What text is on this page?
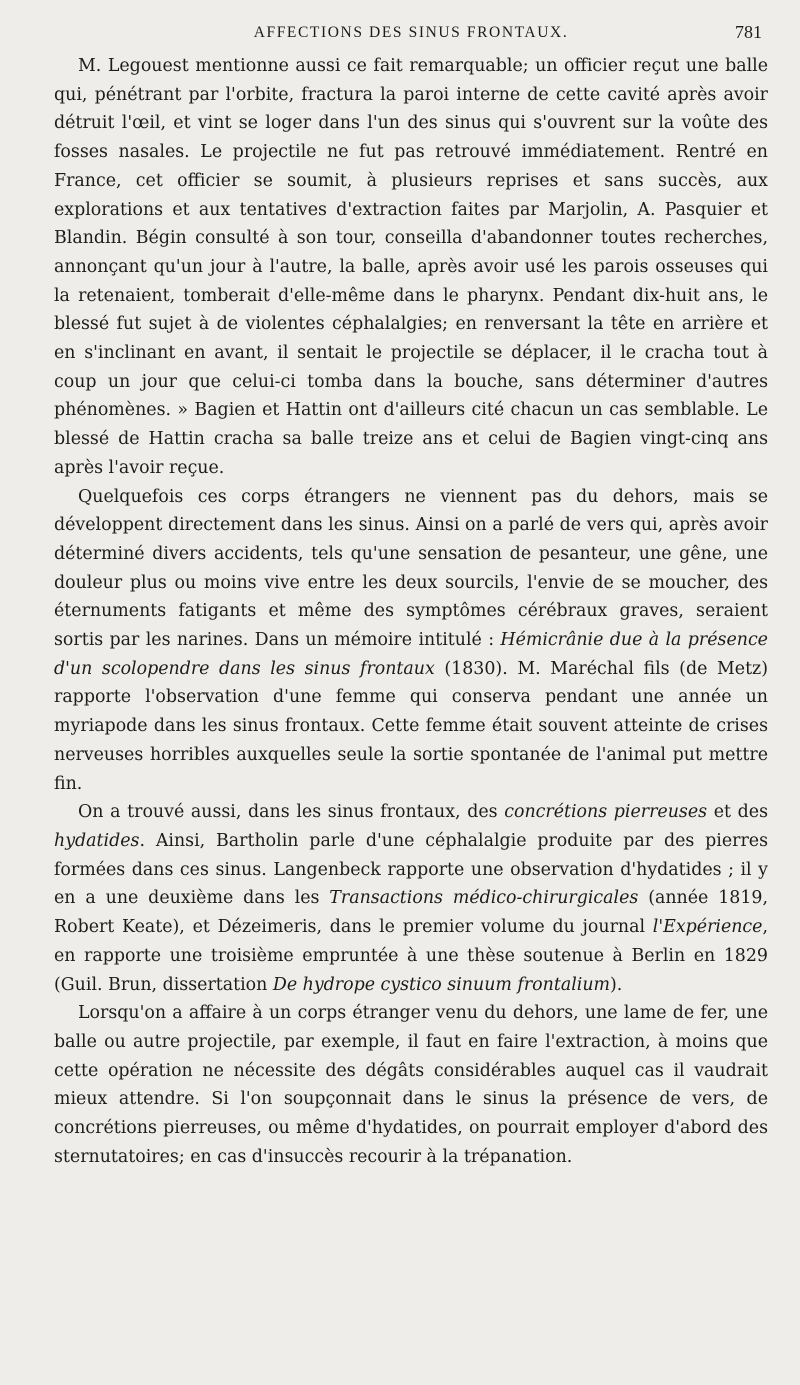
AFFECTIONS DES SINUS FRONTAUX.	781

M. Legouest mentionne aussi ce fait remarquable; un officier reçut une balle qui, pénétrant par l'orbite, fractura la paroi interne de cette cavité après avoir détruit l'œil, et vint se loger dans l'un des sinus qui s'ouvrent sur la voûte des fosses nasales. Le projectile ne fut pas retrouvé immédiatement. Rentré en France, cet officier se soumit, à plusieurs reprises et sans succès, aux explorations et aux tentatives d'extraction faites par Marjolin, A. Pasquier et Blandin. Bégin consulté à son tour, conseilla d'abandonner toutes recherches, annonçant qu'un jour à l'autre, la balle, après avoir usé les parois osseuses qui la retenaient, tomberait d'elle-même dans le pharynx. Pendant dix-huit ans, le blessé fut sujet à de violentes céphalalgies; en renversant la tête en arrière et en s'inclinant en avant, il sentait le projectile se déplacer, il le cracha tout à coup un jour que celui-ci tomba dans la bouche, sans déterminer d'autres phénomènes. » Bagien et Hattin ont d'ailleurs cité chacun un cas semblable. Le blessé de Hattin cracha sa balle treize ans et celui de Bagien vingt-cinq ans après l'avoir reçue.

Quelquefois ces corps étrangers ne viennent pas du dehors, mais se développent directement dans les sinus. Ainsi on a parlé de vers qui, après avoir déterminé divers accidents, tels qu'une sensation de pesanteur, une gêne, une douleur plus ou moins vive entre les deux sourcils, l'envie de se moucher, des éternuments fatigants et même des symptômes cérébraux graves, seraient sortis par les narines. Dans un mémoire intitulé : Hémicrânie due à la présence d'un scolopendre dans les sinus frontaux (1830). M. Maréchal fils (de Metz) rapporte l'observation d'une femme qui conserva pendant une année un myriapode dans les sinus frontaux. Cette femme était souvent atteinte de crises nerveuses horribles auxquelles seule la sortie spontanée de l'animal put mettre fin.

On a trouvé aussi, dans les sinus frontaux, des concrétions pierreuses et des hydatides. Ainsi, Bartholin parle d'une céphalalgie produite par des pierres formées dans ces sinus. Langenbeck rapporte une observation d'hydatides ; il y en a une deuxième dans les Transactions médico-chirurgicales (année 1819, Robert Keate), et Dézeimeris, dans le premier volume du journal l'Expérience, en rapporte une troisième empruntée à une thèse soutenue à Berlin en 1829 (Guil. Brun, dissertation De hydrope cystico sinuum frontalium).

Lorsqu'on a affaire à un corps étranger venu du dehors, une lame de fer, une balle ou autre projectile, par exemple, il faut en faire l'extraction, à moins que cette opération ne nécessite des dégâts considérables auquel cas il vaudrait mieux attendre. Si l'on soupçonnait dans le sinus la présence de vers, de concrétions pierreuses, ou même d'hydatides, on pourrait employer d'abord des sternutatoires; en cas d'insuccès recourir à la trépanation.
